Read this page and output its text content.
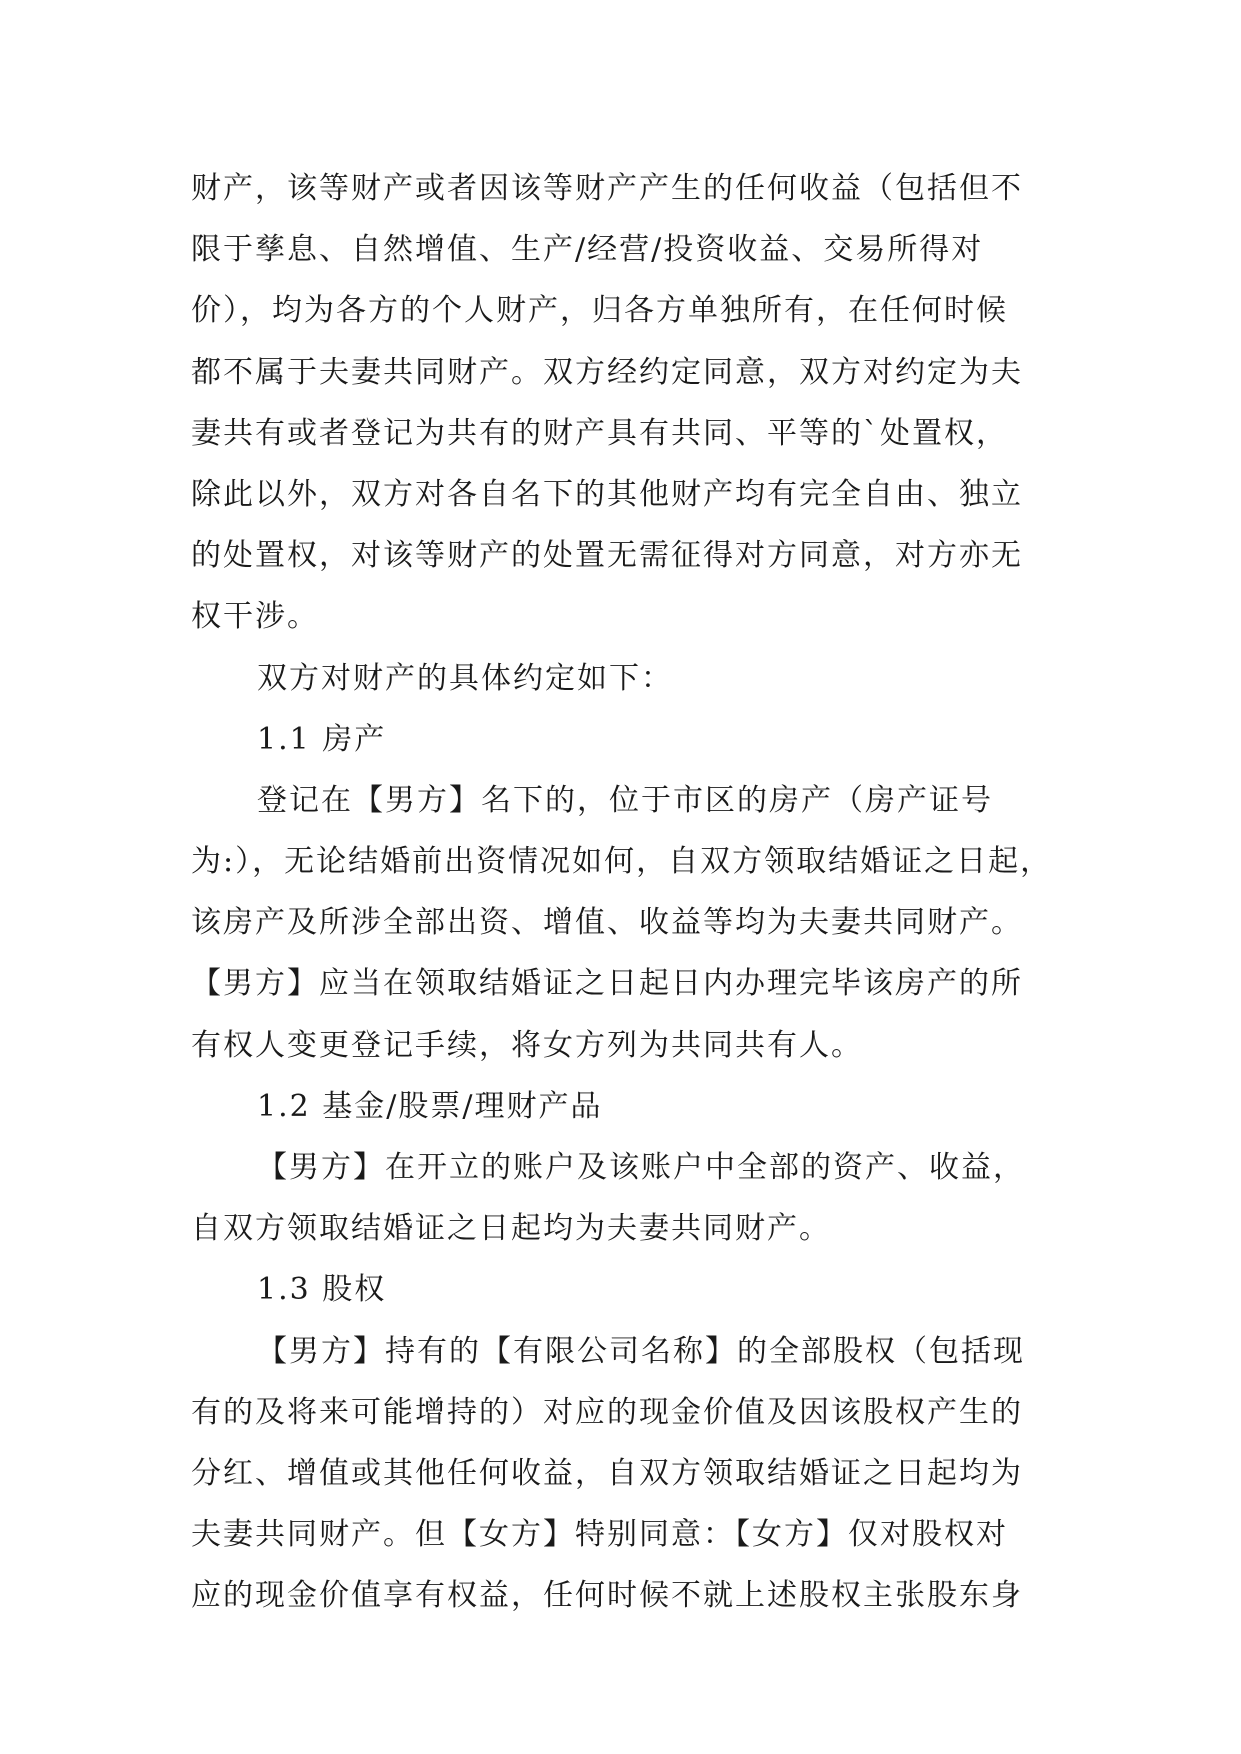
财产，该等财产或者因该等财产产生的任何收益（包括但不
限于孳息、自然增值、生产/经营/投资收益、交易所得对
价），均为各方的个人财产，归各方单独所有，在任何时候
都不属于夫妻共同财产。双方经约定同意，双方对约定为夫
妻共有或者登记为共有的财产具有共同、平等的`处置权，
除此以外，双方对各自名下的其他财产均有完全自由、独立
的处置权，对该等财产的处置无需征得对方同意，对方亦无
权干涉。
双方对财产的具体约定如下：
1.1 房产
登记在【男方】名下的，位于市区的房产（房产证号
为:），无论结婚前出资情况如何，自双方领取结婚证之日起，
该房产及所涉全部出资、增值、收益等均为夫妻共同财产。
【男方】应当在领取结婚证之日起日内办理完毕该房产的所
有权人变更登记手续，将女方列为共同共有人。
1.2 基金/股票/理财产品
【男方】在开立的账户及该账户中全部的资产、收益，
自双方领取结婚证之日起均为夫妻共同财产。
1.3 股权
【男方】持有的【有限公司名称】的全部股权（包括现
有的及将来可能增持的）对应的现金价值及因该股权产生的
分红、增值或其他任何收益，自双方领取结婚证之日起均为
夫妻共同财产。但【女方】特别同意：【女方】仅对股权对
应的现金价值享有权益，任何时候不就上述股权主张股东身
